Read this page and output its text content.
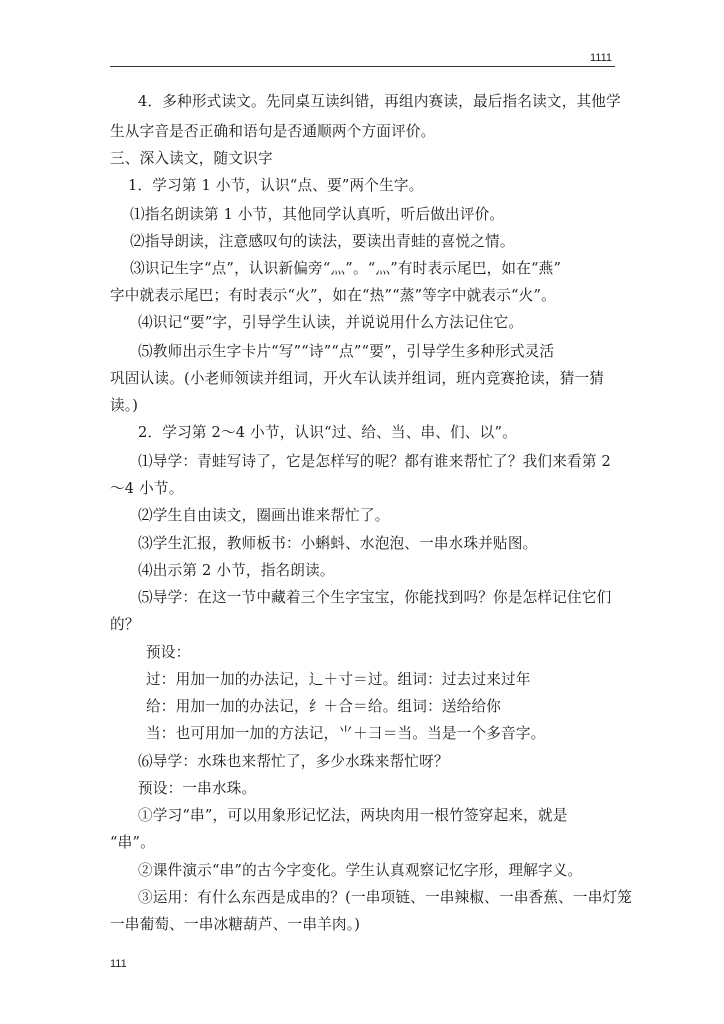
1111
4．多种形式读文。先同桌互读纠错，再组内赛读，最后指名读文，其他学
生从字音是否正确和语句是否通顺两个方面评价。
三、深入读文，随文识字
1．学习第 1 小节，认识“点、要”两个生字。
⑴指名朗读第 1 小节，其他同学认真听，听后做出评价。
⑵指导朗读，注意感叹句的读法，要读出青蛙的喜悦之情。
⑶识记生字“点”，认识新偏旁“灬”。“灬”有时表示尾巴，如在“燕”
字中就表示尾巴；有时表示“火”，如在“热”“蒸”等字中就表示“火”。
⑷识记“要”字，引导学生认读，并说说用什么方法记住它。
⑸教师出示生字卡片“写”“诗”“点”“要”，引导学生多种形式灵活
巩固认读。(小老师领读并组词，开火车认读并组词，班内竞赛抢读，猜一猜
读。)
2．学习第 2～4 小节，认识“过、给、当、串、们、以”。
⑴导学：青蛙写诗了，它是怎样写的呢？都有谁来帮忙了？我们来看第 2
～4 小节。
⑵学生自由读文，圈画出谁来帮忙了。
⑶学生汇报，教师板书：小蝌蚪、水泡泡、一串水珠并贴图。
⑷出示第 2 小节，指名朗读。
⑸导学：在这一节中藏着三个生字宝宝，你能找到吗？你是怎样记住它们
的？
预设：
过：用加一加的办法记，辶＋寸＝过。组词：过去过来过年
给：用加一加的办法记，纟＋合＝给。组词：送给给你
当：也可用加一加的方法记，⺌＋彐＝当。当是一个多音字。
⑹导学：水珠也来帮忙了，多少水珠来帮忙呀？
预设：一串水珠。
①学习“串”，可以用象形记忆法，两块肉用一根竹签穿起来，就是
“串”。
②课件演示“串”的古今字变化。学生认真观察记忆字形，理解字义。
③运用：有什么东西是成串的？(一串项链、一串辣椒、一串香蕉、一串灯笼
一串葡萄、一串冰糖葫芦、一串羊肉。)
111
